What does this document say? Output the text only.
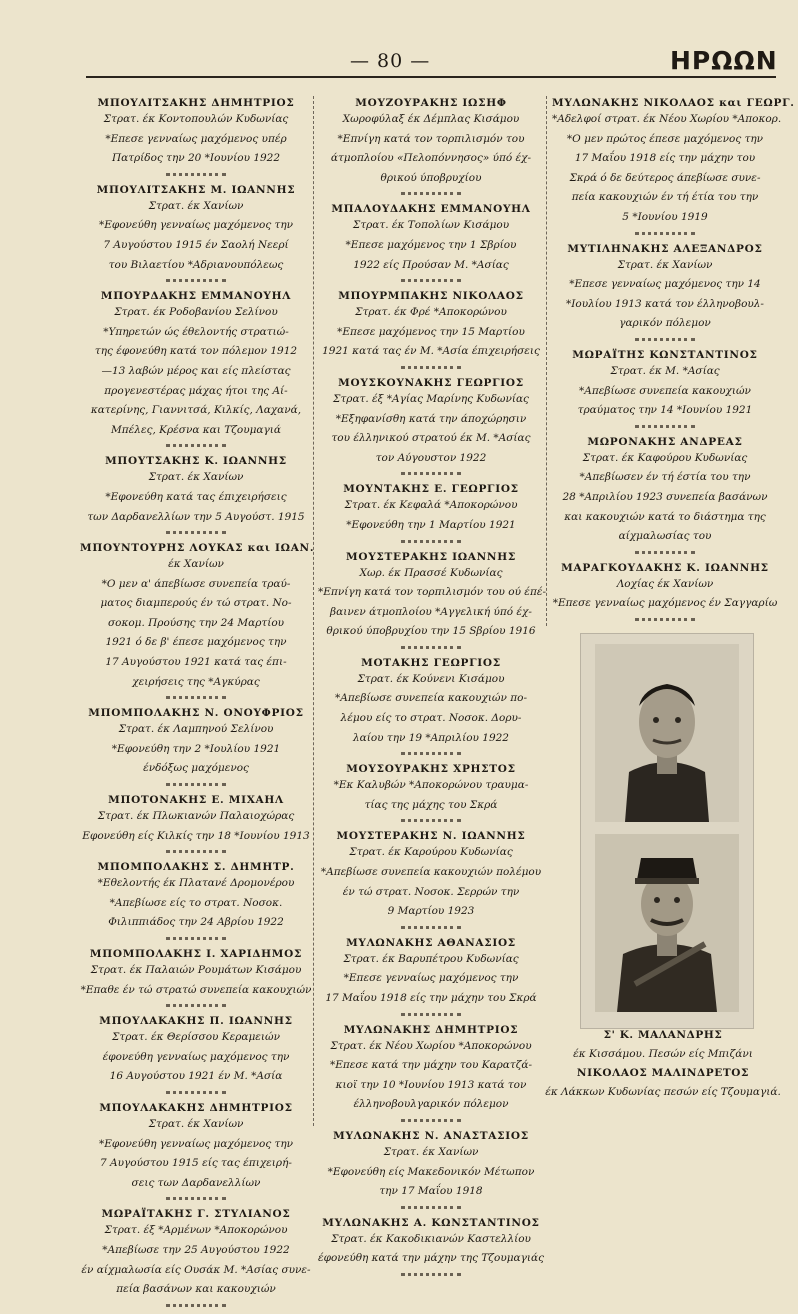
— 80 —	ΗΡΩΩΝ
ΜΠΟΥΛΙΤΣΑΚΗΣ ΔΗΜΗΤΡΙΟΣ
Στρατ. έκ Κοντοπουλών Κυδωνίας
*Επεσε γενναίως μαχόμενος υπέρ
Πατρίδος την 20 *Ιουνίου 1922
ΜΠΟΥΛΙΤΣΑΚΗΣ Μ. ΙΩΑΝΝΗΣ
Στρατ. έκ Χανίων
*Εφονεύθη γενναίως μαχόμενος την
7 Αυγούστου 1915 έν Σαολή Νεερί
του Βιλαετίου *Αδριανουπόλεως
ΜΠΟΥΡΔΑΚΗΣ ΕΜΜΑΝΟΥΗΛ
Στρατ. έκ Ροδοβανίου Σελίνου
*Υπηρετών ώς έθελοντής στρατιώ-
της έφονεύθη κατά τον πόλεμον 1912
—13 λαβών μέρος και είς πλείστας
προγενεστέρας μάχας ήτοι της Αί-
κατερίνης, Γιαννιτσά, Κιλκίς, Λαχανά,
Μπέλες, Κρέσνα και Τζουμαγιά
ΜΠΟΥΤΣΑΚΗΣ Κ. ΙΩΑΝΝΗΣ
Στρατ. έκ Χανίων
*Εφονεύθη κατά τας έπιχειρήσεις
των Δαρδανελλίων την 5 Αυγούστ. 1915
ΜΠΟΥΝΤΟΥΡΗΣ ΛΟΥΚΑΣ και ΙΩΑΝ.
έκ Χανίων
*Ο μεν α' άπεβίωσε συνεπεία τραύ-
ματος διαμπερούς έν τώ στρατ. Νο-
σοκομ. Προύσης την 24 Μαρτίου
1921 ό δε β' έπεσε μαχόμενος την
17 Αυγούστου 1921 κατά τας έπι-
χειρήσεις της *Αγκύρας
ΜΠΟΜΠΟΛΑΚΗΣ Ν. ΟΝΟΥΦΡΙΟΣ
Στρατ. έκ Λαμπηνού Σελίνου
*Εφονεύθη την 2 *Ιουλίου 1921
ένδόξως μαχόμενος
ΜΠΟΤΟΝΑΚΗΣ Ε. ΜΙΧΑΗΛ
Στρατ. έκ Πλωκιανών Παλαιοχώρας
Εφονεύθη είς Κιλκίς την 18 *Ιουνίου 1913
ΜΠΟΜΠΟΛΑΚΗΣ Σ. ΔΗΜΗΤΡ.
*Εθελοντής έκ Πλατανέ Δρομονέρου
*Απεβίωσε είς το στρατ. Νοσοκ.
Φιλιππιάδος την 24 Αβρίου 1922
ΜΠΟΜΠΟΛΑΚΗΣ Ι. ΧΑΡΙΔΗΜΟΣ
Στρατ. έκ Παλαιών Ρουμάτων Κισάμου
*Επαθε έν τώ στρατώ συνεπεία κακουχιών
ΜΠΟΥΛΑΚΑΚΗΣ Π. ΙΩΑΝΝΗΣ
Στρατ. έκ Θερίσσου Κεραμειών
έφονεύθη γενναίως μαχόμενος την
16 Αυγούστου 1921 έν Μ. *Ασία
ΜΠΟΥΛΑΚΑΚΗΣ ΔΗΜΗΤΡΙΟΣ
Στρατ. έκ Χανίων
*Εφονεύθη γενναίως μαχόμενος την
7 Αυγούστου 1915 είς τας έπιχειρή-
σεις των Δαρδανελλίων
ΜΩΡΑΪΤΑΚΗΣ Γ. ΣΤΥΛΙΑΝΟΣ
Στρατ. έξ *Αρμένων *Αποκορώνου
*Απεβίωσε την 25 Αυγούστου 1922
έν αίχμαλωσία είς Ουσάκ Μ. *Ασίας συνε-
πεία βασάνων και κακουχιών
ΜΟΥΖΟΥΡΑΚΗΣ ΙΩΣΗΦ
Χωροφύλαξ έκ Δέμπλας Κισάμου
*Επνίγη κατά τον τορπιλισμόν του
άτμοπλοίου «Πελοπόννησος» ύπό έχ-
θρικού ύποβρυχίου
ΜΠΑΛΟΥΔΑΚΗΣ ΕΜΜΑΝΟΥΗΛ
Στρατ. έκ Τοπολίων Κισάμου
*Επεσε μαχόμενος την 1 Σβρίου
1922 είς Προύσαν Μ. *Ασίας
ΜΠΟΥΡΜΠΑΚΗΣ ΝΙΚΟΛΑΟΣ
Στρατ. έκ Φρέ *Αποκορώνου
*Επεσε μαχόμενος την 15 Μαρτίου
1921 κατά τας έν Μ. *Ασία έπιχειρήσεις
ΜΟΥΣΚΟΥΝΑΚΗΣ ΓΕΩΡΓΙΟΣ
Στρατ. έξ *Αγίας Μαρίνης Κυδωνίας
*Εξηφανίσθη κατά την άποχώρησιν
του έλληνικού στρατού έκ Μ. *Ασίας
τον Αύγουστον 1922
ΜΟΥΝΤΑΚΗΣ Ε. ΓΕΩΡΓΙΟΣ
Στρατ. έκ Κεφαλά *Αποκορώνου
*Εφονεύθη την 1 Μαρτίου 1921
ΜΟΥΣΤΕΡΑΚΗΣ ΙΩΑΝΝΗΣ
Χωρ. έκ Πρασσέ Κυδωνίας
*Επνίγη κατά τον τορπιλισμόν του ού έπέ-
βαινεν άτμοπλοίου *Αγγελική ύπό έχ-
θρικού ύποβρυχίου την 15 Sβρίου 1916
ΜΟΤΑΚΗΣ ΓΕΩΡΓΙΟΣ
Στρατ. έκ Κούνενι Κισάμου
*Απεβίωσε συνεπεία κακουχιών πο-
λέμου είς το στρατ. Νοσοκ. Δορυ-
λαίου την 19 *Απριλίου 1922
ΜΟΥΣΟΥΡΑΚΗΣ ΧΡΗΣΤΟΣ
*Εκ Καλυβών *Αποκορώνου τραυμα-
τίας της μάχης του Σκρά
ΜΟΥΣΤΕΡΑΚΗΣ Ν. ΙΩΑΝΝΗΣ
Στρατ. έκ Καρούρου Κυδωνίας
*Απεβίωσε συνεπεία κακουχιών πολέμου
έν τώ στρατ. Νοσοκ. Σερρών την
9 Μαρτίου 1923
ΜΥΛΩΝΑΚΗΣ ΑΘΑΝΑΣΙΟΣ
Στρατ. έκ Βαρυπέτρου Κυδωνίας
*Επεσε γενναίως μαχόμενος την
17 Μαΐου 1918 είς την μάχην του Σκρά
ΜΥΛΩΝΑΚΗΣ ΔΗΜΗΤΡΙΟΣ
Στρατ. έκ Νέου Χωρίου *Αποκορώνου
*Επεσε κατά την μάχην του Καρατζά-
κιοϊ την 10 *Ιουνίου 1913 κατά τον
έλληνοβουλγαρικόν πόλεμον
ΜΥΛΩΝΑΚΗΣ Ν. ΑΝΑΣΤΑΣΙΟΣ
Στρατ. έκ Χανίων
*Εφονεύθη είς Μακεδονικόν Μέτωπον
την 17 Μαΐου 1918
ΜΥΛΩΝΑΚΗΣ Α. ΚΩΝΣΤΑΝΤΙΝΟΣ
Στρατ. έκ Κακοδικιανών Καστελλίου
έφονεύθη κατά την μάχην της Τζουμαγιάς
ΜΥΛΩΝΑΚΗΣ ΝΙΚΟΛΑΟΣ και ΓΕΩΡΓ.
*Αδελφοί στρατ. έκ Νέου Χωρίου *Αποκορ.
*Ο μεν πρώτος έπεσε μαχόμενος την
17 Μαΐου 1918 είς την μάχην του
Σκρά ό δε δεύτερος άπεβίωσε συνε-
πεία κακουχιών έν τή έτία του την
5 *Ιουνίου 1919
ΜΥΤΙΛΗΝΑΚΗΣ ΑΛΕΞΑΝΔΡΟΣ
Στρατ. έκ Χανίων
*Επεσε γενναίως μαχόμενος την 14
*Ιουλίου 1913 κατά τον έλληνοβουλ-
γαρικόν πόλεμον
ΜΩΡΑΪΤΗΣ ΚΩΝΣΤΑΝΤΙΝΟΣ
Στρατ. έκ Μ. *Ασίας
*Απεβίωσε συνεπεία κακουχιών
τραύματος την 14 *Ιουνίου 1921
ΜΩΡΟΝΑΚΗΣ ΑΝΔΡΕΑΣ
Στρατ. έκ Καφούρου Κυδωνίας
*Απεβίωσεν έν τή έστία του την
28 *Απριλίου 1923 συνεπεία βασάνων
και κακουχιών κατά το διάστημα της
αίχμαλωσίας του
ΜΑΡΑΓΚΟΥΔΑΚΗΣ Κ. ΙΩΑΝΝΗΣ
Λοχίας έκ Χανίων
*Επεσε γενναίως μαχόμενος έν Σαγγαρίω
Σ' Κ. ΜΑΛΑΝΔΡΗΣ
έκ Κισσάμου. Πεσών είς Μπιζάνι
ΝΙΚΟΛΑΟΣ ΜΑΛΙΝΔΡΕΤΟΣ
έκ Λάκκων Κυδωνίας πεσών είς Τζουμαγιά.
